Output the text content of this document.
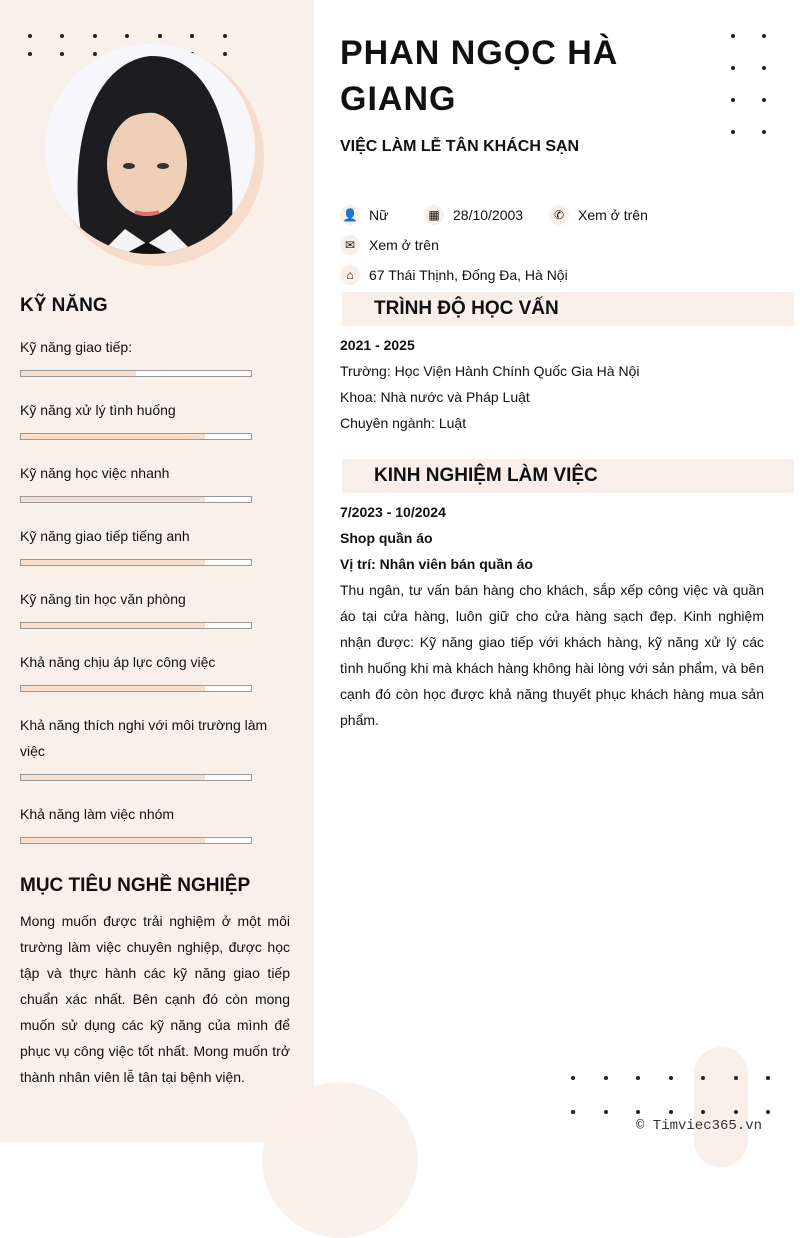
KỸ NĂNG
Kỹ năng giao tiếp:
Kỹ năng xử lý tình huống
Kỹ năng học việc nhanh
Kỹ năng giao tiếp tiếng anh
Kỹ năng tin học văn phòng
Khả năng chịu áp lực công việc
Khả năng thích nghi với môi trường làm việc
Khả năng làm việc nhóm
MỤC TIÊU NGHỀ NGHIỆP
Mong muốn được trải nghiệm ở một môi trường làm việc chuyên nghiệp, được học tập và thực hành các kỹ năng giao tiếp chuẩn xác nhất. Bên cạnh đó còn mong muốn sử dụng các kỹ năng của mình để phục vụ công việc tốt nhất. Mong muốn trở thành nhân viên lễ tân tại bệnh viện.
PHAN NGỌC HÀ GIANG
VIỆC LÀM LỄ TÂN KHÁCH SẠN
👤 Nữ	▦ 28/10/2003	✆ Xem ở trên
✉ Xem ở trên
⌂	67 Thái Thịnh, Đống Đa, Hà Nội
TRÌNH ĐỘ HỌC VẤN
2021 - 2025
Trường: Học Viện Hành Chính Quốc Gia Hà Nội
Khoa: Nhà nước và Pháp Luật
Chuyên ngành: Luật
KINH NGHIỆM LÀM VIỆC
7/2023 - 10/2024
Shop quần áo
Vị trí: Nhân viên bán quần áo
Thu ngân, tư vấn bán hàng cho khách, sắp xếp công việc và quần áo tại cửa hàng, luôn giữ cho cửa hàng sạch đẹp. Kinh nghiệm nhận được: Kỹ năng giao tiếp với khách hàng, kỹ năng xử lý các tình huống khi mà khách hàng không hài lòng với sản phẩm, và bên cạnh đó còn học được khả năng thuyết phục khách hàng mua sản phẩm.
© Timviec365.vn
